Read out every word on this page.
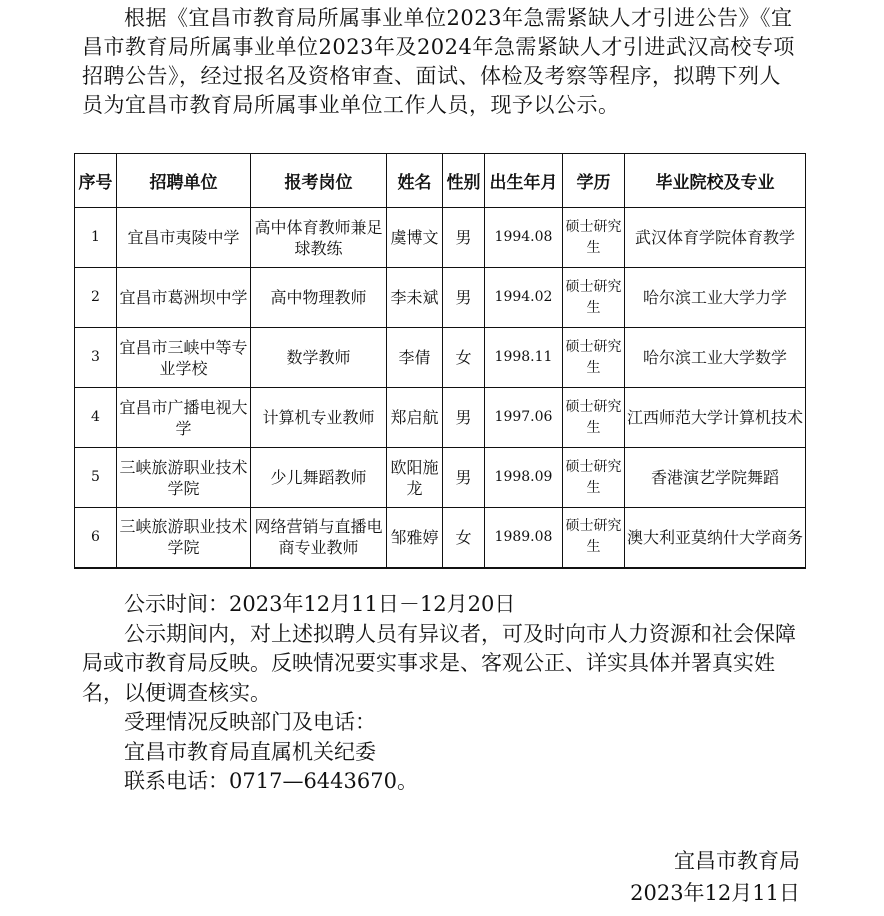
根据《宜昌市教育局所属事业单位2023年急需紧缺人才引进公告》《宜昌市教育局所属事业单位2023年及2024年急需紧缺人才引进武汉高校专项招聘公告》，经过报名及资格审查、面试、体检及考察等程序，拟聘下列人员为宜昌市教育局所属事业单位工作人员，现予以公示。
序号	招聘单位	报考岗位	姓名	性别	出生年月	学历	毕业院校及专业
1	宜昌市夷陵中学	高中体育教师兼足球教练	虞博文	男	1994.08	硕士研究生	武汉体育学院体育教学
2	宜昌市葛洲坝中学	高中物理教师	李未斌	男	1994.02	硕士研究生	哈尔滨工业大学力学
3	宜昌市三峡中等专业学校	数学教师	李倩	女	1998.11	硕士研究生	哈尔滨工业大学数学
4	宜昌市广播电视大学	计算机专业教师	郑启航	男	1997.06	硕士研究生	江西师范大学计算机技术
5	三峡旅游职业技术学院	少儿舞蹈教师	欧阳施龙	男	1998.09	硕士研究生	香港演艺学院舞蹈
6	三峡旅游职业技术学院	网络营销与直播电商专业教师	邹雅婷	女	1989.08	硕士研究生	澳大利亚莫纳什大学商务

公示时间：2023年12月11日－12月20日

公示期间内，对上述拟聘人员有异议者，可及时向市人力资源和社会保障局或市教育局反映。反映情况要实事求是、客观公正、详实具体并署真实姓名，以便调查核实。

受理情况反映部门及电话：

宜昌市教育局直属机关纪委

联系电话：0717—6443670。

宜昌市教育局
2023年12月11日
